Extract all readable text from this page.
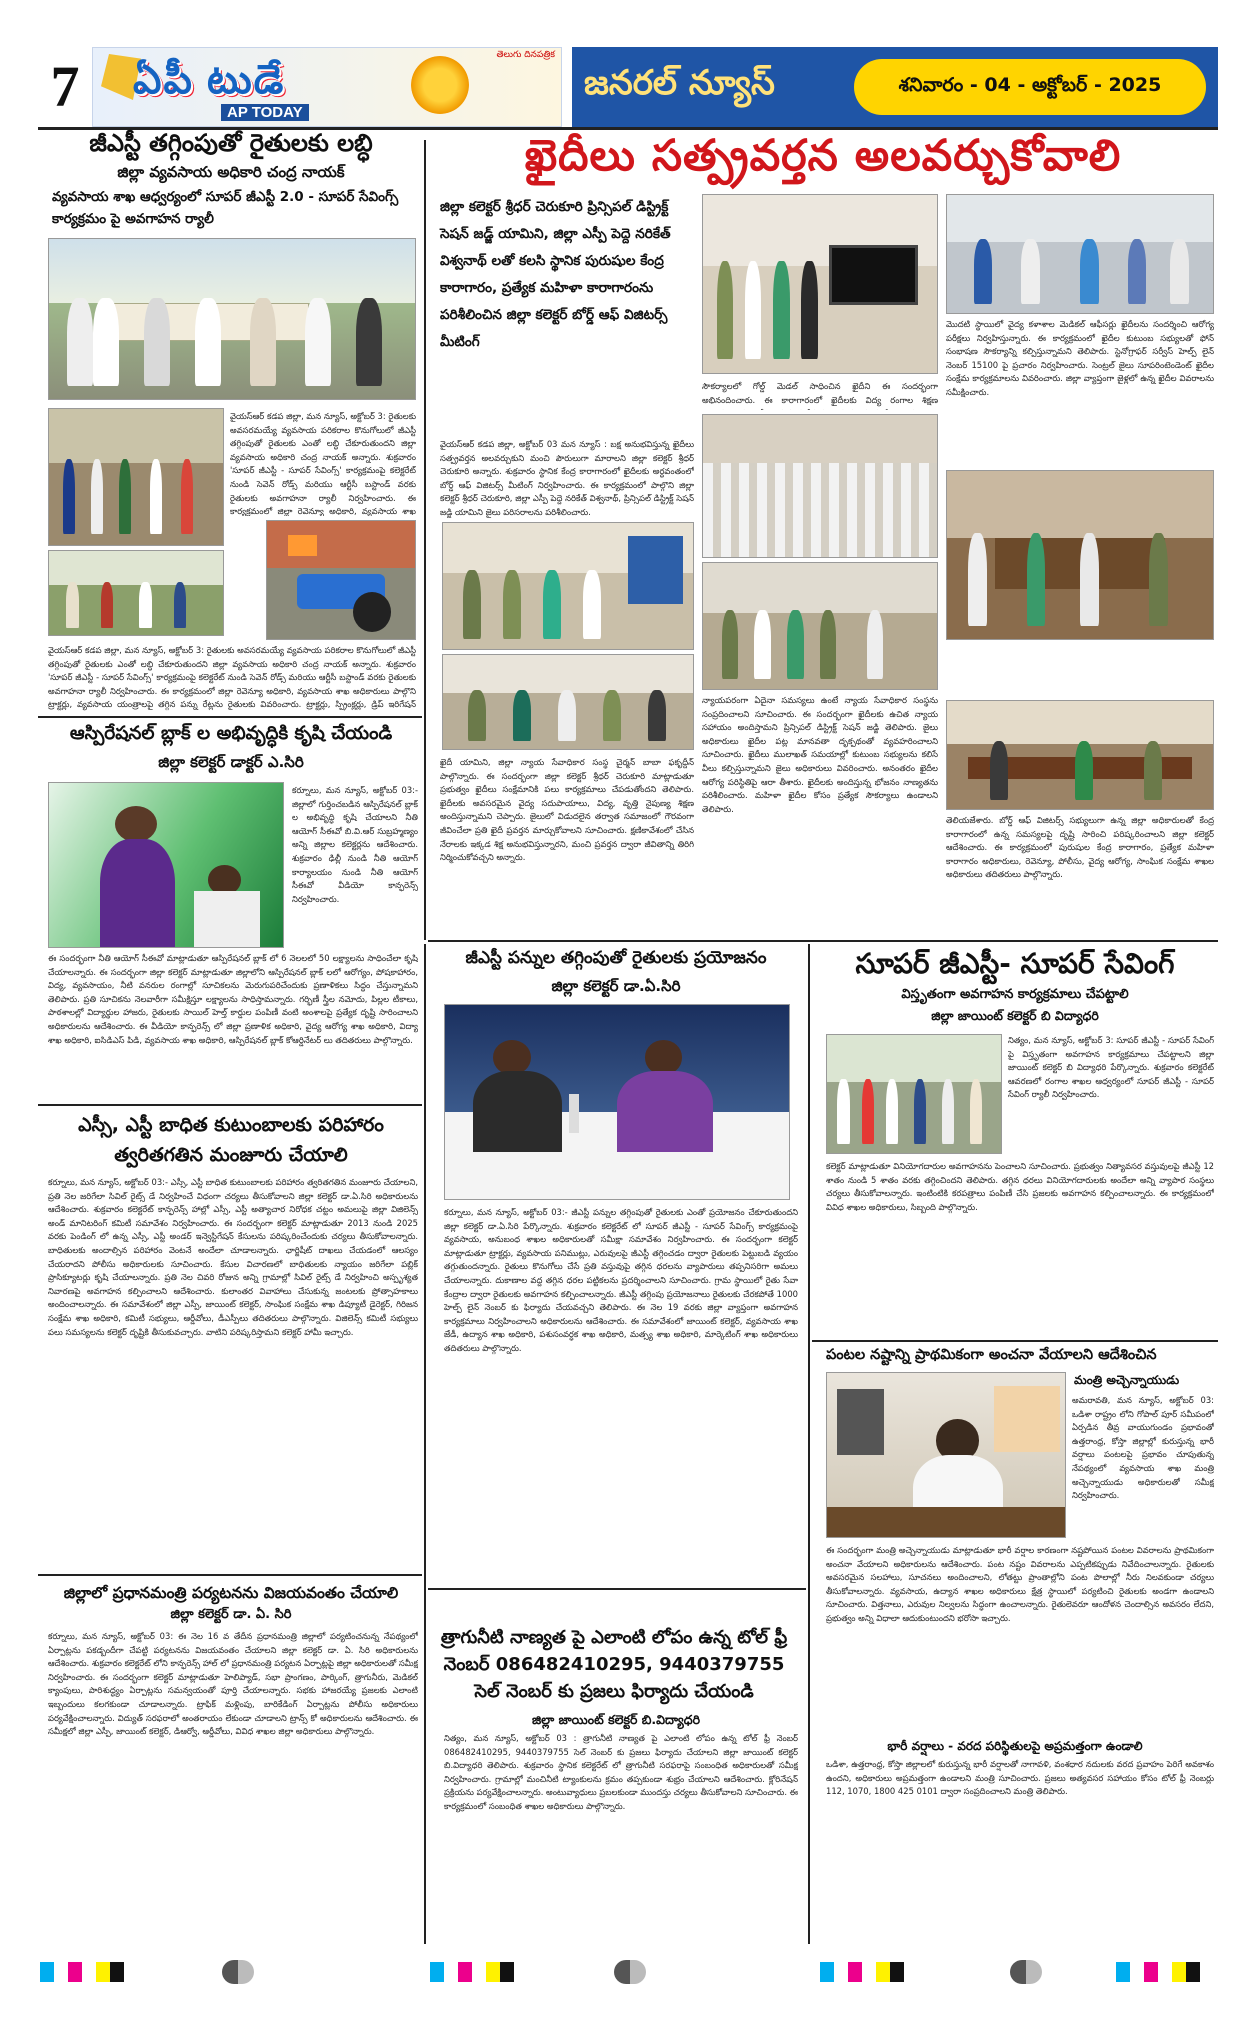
7	ఏపీ టుడే
AP TODAY
తెలుగు దినపత్రిక
జనరల్ న్యూస్	శనివారం - 04 - అక్టోబర్ - 2025
జీఎస్టీ తగ్గింపుతో రైతులకు లబ్ధి
జిల్లా వ్యవసాయ అధికారి చంద్ర నాయక్
వ్యవసాయ శాఖ ఆధ్వర్యంలో సూపర్ జీఎస్టీ 2.0 - సూపర్ సేవింగ్స్ కార్యక్రమం పై అవగాహన ర్యాలీ
వైయస్ఆర్ కడప జిల్లా, మన న్యూస్, అక్టోబర్ 3: రైతులకు అవసరమయ్యే వ్యవసాయ పరికరాల కొనుగోలులో జీఎస్టీ తగ్గింపుతో రైతులకు ఎంతో లబ్ధి చేకూరుతుందని జిల్లా వ్యవసాయ అధికారి చంద్ర నాయక్ అన్నారు. శుక్రవారం 'సూపర్ జీఎస్టీ - సూపర్ సేవింగ్స్' కార్యక్రమంపై కలెక్టరేట్ నుండి సెవెన్ రోడ్స్ మరియు ఆర్టీసీ బస్టాండ్ వరకు రైతులకు అవగాహనా ర్యాలీ నిర్వహించారు. ఈ కార్యక్రమంలో జిల్లా రెవెన్యూ అధికారి, వ్యవసాయ శాఖ
వైయస్ఆర్ కడప జిల్లా, మన న్యూస్, అక్టోబర్ 3: రైతులకు అవసరమయ్యే వ్యవసాయ పరికరాల కొనుగోలులో జీఎస్టీ తగ్గింపుతో రైతులకు ఎంతో లబ్ధి చేకూరుతుందని జిల్లా వ్యవసాయ అధికారి చంద్ర నాయక్ అన్నారు. శుక్రవారం 'సూపర్ జీఎస్టీ - సూపర్ సేవింగ్స్' కార్యక్రమంపై కలెక్టరేట్ నుండి సెవెన్ రోడ్స్ మరియు ఆర్టీసీ బస్టాండ్ వరకు రైతులకు అవగాహనా ర్యాలీ నిర్వహించారు. ఈ కార్యక్రమంలో జిల్లా రెవెన్యూ అధికారి, వ్యవసాయ శాఖ అధికారులు పాల్గొని ట్రాక్టర్లు, వ్యవసాయ యంత్రాలపై తగ్గిన పన్ను రేట్లను రైతులకు వివరించారు. ట్రాక్టర్లు, స్ప్రింక్లర్లు, డ్రిప్ ఇరిగేషన్
ఆస్పిరేషనల్ బ్లాక్ ల అభివృద్ధికి కృషి చేయండి
జిల్లా కలెక్టర్ డాక్టర్ ఎ.సిరి
కర్నూలు, మన న్యూస్, అక్టోబర్ 03:-జిల్లాలో గుర్తించబడిన ఆస్పిరేషనల్ బ్లాక్ ల అభివృద్ధి కృషి చేయాలని నీతి ఆయోగ్ సీఈవో బి.వి.ఆర్ సుబ్రహ్మణ్యం అన్ని జిల్లాల కలెక్టర్లను ఆదేశించారు. శుక్రవారం ఢిల్లీ నుండి నీతి ఆయోగ్ కార్యాలయం నుండి నీతి ఆయోగ్ సీఈవో వీడియో కాన్ఫరెన్స్ నిర్వహించారు.
ఈ సందర్భంగా నీతి ఆయోగ్ సీఈవో మాట్లాడుతూ ఆస్పిరేషనల్ బ్లాక్ లో 6 నెలలలో 50 లక్ష్యాలను సాధించేలా కృషి చేయాలన్నారు. ఈ సందర్భంగా జిల్లా కలెక్టర్ మాట్లాడుతూ జిల్లాలోని ఆస్పిరేషనల్ బ్లాక్ లలో ఆరోగ్యం, పోషకాహారం, విద్య, వ్యవసాయం, నీటి వనరుల రంగాల్లో సూచికలను మెరుగుపరిచేందుకు ప్రణాళికలు సిద్ధం చేస్తున్నామని తెలిపారు. ప్రతి సూచికను నెలవారీగా సమీక్షిస్తూ లక్ష్యాలను సాధిస్తామన్నారు. గర్భిణీ స్త్రీల నమోదు, పిల్లల టీకాలు, పాఠశాలల్లో విద్యార్థుల హాజరు, రైతులకు సాయిల్ హెల్త్ కార్డుల పంపిణీ వంటి అంశాలపై ప్రత్యేక దృష్టి సారించాలని అధికారులను ఆదేశించారు. ఈ వీడియో కాన్ఫరెన్స్ లో జిల్లా ప్రణాళిక అధికారి, వైద్య ఆరోగ్య శాఖ అధికారి, విద్యా శాఖ అధికారి, ఐసిడిఎస్ పిడి, వ్యవసాయ శాఖ అధికారి, ఆస్పిరేషనల్ బ్లాక్ కోఆర్డినేటర్ లు తదితరులు పాల్గొన్నారు.
ఎస్సీ, ఎస్టీ బాధిత కుటుంబాలకు పరిహారం త్వరితగతిన మంజూరు చేయాలి
కర్నూలు, మన న్యూస్, అక్టోబర్ 03:- ఎస్సీ, ఎస్టీ బాధిత కుటుంబాలకు పరిహారం త్వరితగతిన మంజూరు చేయాలని, ప్రతి నెల జరిగేలా సివిల్ రైట్స్ డే నిర్వహించే విధంగా చర్యలు తీసుకోవాలని జిల్లా కలెక్టర్ డా.ఏ.సిరి అధికారులను ఆదేశించారు. శుక్రవారం కలెక్టరేట్ కాన్ఫరెన్స్ హాల్లో ఎస్సీ, ఎస్టీ అత్యాచార నిరోధక చట్టం అమలుపై జిల్లా విజిలెన్స్ అండ్ మానిటరింగ్ కమిటీ సమావేశం నిర్వహించారు. ఈ సందర్భంగా కలెక్టర్ మాట్లాడుతూ 2013 నుండి 2025 వరకు పెండింగ్ లో ఉన్న ఎస్సీ, ఎస్టీ అండర్ ఇన్వెస్టిగేషన్ కేసులను పరిష్కరించేందుకు చర్యలు తీసుకోవాలన్నారు. బాధితులకు అందాల్సిన పరిహారం వెంటనే అందేలా చూడాలన్నారు. ఛార్జిషీట్ దాఖలు చేయడంలో ఆలస్యం చేయరాదని పోలీసు అధికారులకు సూచించారు. కేసుల విచారణలో బాధితులకు న్యాయం జరిగేలా పబ్లిక్ ప్రాసిక్యూటర్లు కృషి చేయాలన్నారు. ప్రతి నెల చివరి రోజున అన్ని గ్రామాల్లో సివిల్ రైట్స్ డే నిర్వహించి అస్పృశ్యత నివారణపై అవగాహన కల్పించాలని ఆదేశించారు. కులాంతర వివాహాలు చేసుకున్న జంటలకు ప్రోత్సాహకాలు అందించాలన్నారు. ఈ సమావేశంలో జిల్లా ఎస్పీ, జాయింట్ కలెక్టర్, సాంఘిక సంక్షేమ శాఖ డిప్యూటీ డైరెక్టర్, గిరిజన సంక్షేమ శాఖ అధికారి, కమిటీ సభ్యులు, ఆర్డీవోలు, డీఎస్పీలు తదితరులు పాల్గొన్నారు. విజిలెన్స్ కమిటీ సభ్యులు పలు సమస్యలను కలెక్టర్ దృష్టికి తీసుకువచ్చారు. వాటిని పరిష్కరిస్తామని కలెక్టర్ హామీ ఇచ్చారు.
జిల్లాలో ప్రధానమంత్రి పర్యటనను విజయవంతం చేయాలి
జిల్లా కలెక్టర్ డా. ఏ. సిరి
కర్నూలు, మన న్యూస్, అక్టోబర్ 03: ఈ నెల 16 వ తేదీన ప్రధానమంత్రి జిల్లాలో పర్యటించనున్న నేపథ్యంలో ఏర్పాట్లను పకడ్బందీగా చేపట్టి పర్యటనను విజయవంతం చేయాలని జిల్లా కలెక్టర్ డా. ఏ. సిరి అధికారులను ఆదేశించారు. శుక్రవారం కలెక్టరేట్ లోని కాన్ఫరెన్స్ హాల్ లో ప్రధానమంత్రి పర్యటన ఏర్పాట్లపై జిల్లా అధికారులతో సమీక్ష నిర్వహించారు. ఈ సందర్భంగా కలెక్టర్ మాట్లాడుతూ హెలిప్యాడ్, సభా ప్రాంగణం, పార్కింగ్, త్రాగునీరు, మెడికల్ క్యాంపులు, పారిశుద్ధ్యం ఏర్పాట్లను సమన్వయంతో పూర్తి చేయాలన్నారు. సభకు హాజరయ్యే ప్రజలకు ఎలాంటి ఇబ్బందులు కలగకుండా చూడాలన్నారు. ట్రాఫిక్ మళ్లింపు, బారికేడింగ్ ఏర్పాట్లను పోలీసు అధికారులు పర్యవేక్షించాలన్నారు. విద్యుత్ సరఫరాలో అంతరాయం లేకుండా చూడాలని ట్రాన్స్ కో అధికారులను ఆదేశించారు. ఈ సమీక్షలో జిల్లా ఎస్పీ, జాయింట్ కలెక్టర్, డిఆర్వో, ఆర్డీవోలు, వివిధ శాఖల జిల్లా అధికారులు పాల్గొన్నారు.
ఖైదీలు సత్ప్రవర్తన అలవర్చుకోవాలి
జిల్లా కలెక్టర్ శ్రీధర్ చెరుకూరి ప్రిన్సిపల్ డిస్ట్రిక్ట్ సెషన్ జడ్జ్ యామిని, జిల్లా ఎస్పీ పెద్దె నరికేత్ విశ్వనాథ్ లతో కలసి స్థానిక పురుషుల కేంద్ర కారాగారం, ప్రత్యేక మహిళా కారాగారంను పరిశీలించిన జిల్లా కలెక్టర్ బోర్డ్ ఆఫ్ విజిటర్స్ మీటింగ్
వైయస్ఆర్ కడప జిల్లా, అక్టోబర్ 03 మన న్యూస్ : బక్ష అనుభవిస్తున్న ఖైదీలు సత్ప్రవర్తన అలవర్చుకుని మంచి పౌరులుగా మారాలని జిల్లా కలెక్టర్ శ్రీధర్ చెరుకూరి అన్నారు. శుక్రవారం స్థానిక కేంద్ర కారాగారంలో ఖైదీలకు అర్ధవంతంలో బోర్డ్ ఆఫ్ విజిటర్స్ మీటింగ్ నిర్వహించారు. ఈ కార్యక్రమంలో పాల్గొని జిల్లా కలెక్టర్ శ్రీధర్ చెరుకూరి, జిల్లా ఎస్పీ పెద్దె నరికేత్ విశ్వనాథ్, ప్రిన్సిపల్ డిస్ట్రిక్ట్ సెషన్ జడ్జి యామిని జైలు పరిసరాలను పరిశీలించారు.
ఖైదీ యామిని, జిల్లా న్యాయ సేవాధికార సంస్థ చైర్మన్ బాబా ఫకృద్దీన్ పాల్గొన్నారు. ఈ సందర్భంగా జిల్లా కలెక్టర్ శ్రీధర్ చెరుకూరి మాట్లాడుతూ ప్రభుత్వం ఖైదీలు సంక్షేమానికి పలు కార్యక్రమాలు చేపడుతోందని తెలిపారు. ఖైదీలకు అవసరమైన వైద్య సదుపాయాలు, విద్య, వృత్తి నైపుణ్య శిక్షణ అందిస్తున్నామని చెప్పారు. జైలులో విడుదలైన తర్వాత సమాజంలో గౌరవంగా జీవించేలా ప్రతి ఖైదీ ప్రవర్తన మార్చుకోవాలని సూచించారు. క్షణికావేశంలో చేసిన నేరాలకు ఇక్కడ శిక్ష అనుభవిస్తున్నారని, మంచి ప్రవర్తన ద్వారా జీవితాన్ని తిరిగి నిర్మించుకోవచ్చని అన్నారు.
సౌకర్యాలలో గోల్డ్ మెడల్ సాధించిన ఖైదీని ఈ సందర్భంగా అభినందించారు. ఈ కారాగారంలో ఖైదీలకు విద్య రంగాల శిక్షణ
న్యాయపరంగా ఏదైనా సమస్యలు ఉంటే న్యాయ సేవాధికార సంస్థను సంప్రదించాలని సూచించారు. ఈ సందర్భంగా ఖైదీలకు ఉచిత న్యాయ సహాయం అందిస్తామని ప్రిన్సిపల్ డిస్ట్రిక్ట్ సెషన్ జడ్జి తెలిపారు. జైలు అధికారులు ఖైదీల పట్ల మానవతా దృక్పథంతో వ్యవహరించాలని సూచించారు. ఖైదీలు ములాఖత్ సమయాల్లో కుటుంబ సభ్యులను కలిసే వీలు కల్పిస్తున్నామని జైలు అధికారులు వివరించారు. అనంతరం ఖైదీల ఆరోగ్య పరిస్థితిపై ఆరా తీశారు. ఖైదీలకు అందిస్తున్న భోజనం నాణ్యతను పరిశీలించారు. మహిళా ఖైదీల కోసం ప్రత్యేక సౌకర్యాలు ఉండాలని తెలిపారు.
మొదటి స్థాయిలో వైద్య కళాశాల మెడికల్ ఆఫీసర్లు ఖైదీలను సందర్శించి ఆరోగ్య పరీక్షలు నిర్వహిస్తున్నారు. ఈ కార్యక్రమంలో ఖైదీల కుటుంబ సభ్యులతో ఫోన్ సంభాషణ సౌకర్యాన్ని కల్పిస్తున్నామని తెలిపారు. స్టెనోగ్రాఫర్ సర్వీస్ హెల్ప్ లైన్ నెంబర్ 15100 పై ప్రచారం నిర్వహించారు. సెంట్రల్ జైలు సూపరింటెండెంట్ ఖైదీల సంక్షేమ కార్యక్రమాలను వివరించారు. జిల్లా వ్యాప్తంగా జైళ్లలో ఉన్న ఖైదీల వివరాలను సమీక్షించారు.
తెలియజేశారు. బోర్డ్ ఆఫ్ విజిటర్స్ సభ్యులుగా ఉన్న జిల్లా అధికారులతో కేంద్ర కారాగారంలో ఉన్న సమస్యలపై దృష్టి సారించి పరిష్కరించాలని జిల్లా కలెక్టర్ ఆదేశించారు. ఈ కార్యక్రమంలో పురుషుల కేంద్ర కారాగారం, ప్రత్యేక మహిళా కారాగారం అధికారులు, రెవెన్యూ, పోలీసు, వైద్య ఆరోగ్య, సాంఘిక సంక్షేమ శాఖల అధికారులు తదితరులు పాల్గొన్నారు.
జీఎస్టీ పన్నుల తగ్గింపుతో రైతులకు ప్రయోజనం
జిల్లా కలెక్టర్ డా.ఏ.సిరి
కర్నూలు, మన న్యూస్, అక్టోబర్ 03:- జీఎస్టీ పన్నుల తగ్గింపుతో రైతులకు ఎంతో ప్రయోజనం చేకూరుతుందని జిల్లా కలెక్టర్ డా.ఏ.సిరి పేర్కొన్నారు. శుక్రవారం కలెక్టరేట్ లో సూపర్ జీఎస్టీ - సూపర్ సేవింగ్స్ కార్యక్రమంపై వ్యవసాయ, అనుబంధ శాఖల అధికారులతో సమీక్షా సమావేశం నిర్వహించారు. ఈ సందర్భంగా కలెక్టర్ మాట్లాడుతూ ట్రాక్టర్లు, వ్యవసాయ పనిముట్లు, ఎరువులపై జీఎస్టీ తగ్గించడం ద్వారా రైతులకు పెట్టుబడి వ్యయం తగ్గుతుందన్నారు. రైతులు కొనుగోలు చేసే ప్రతి వస్తువుపై తగ్గిన ధరలను వ్యాపారులు తప్పనిసరిగా అమలు చేయాలన్నారు. దుకాణాల వద్ద తగ్గిన ధరల పట్టికలను ప్రదర్శించాలని సూచించారు. గ్రామ స్థాయిలో రైతు సేవా కేంద్రాల ద్వారా రైతులకు అవగాహన కల్పించాలన్నారు. జీఎస్టీ తగ్గింపు ప్రయోజనాలు రైతులకు చేరకపోతే 1000 హెల్ప్ లైన్ నెంబర్ కు ఫిర్యాదు చేయవచ్చని తెలిపారు. ఈ నెల 19 వరకు జిల్లా వ్యాప్తంగా అవగాహన కార్యక్రమాలు నిర్వహించాలని అధికారులను ఆదేశించారు. ఈ సమావేశంలో జాయింట్ కలెక్టర్, వ్యవసాయ శాఖ జేడీ, ఉద్యాన శాఖ అధికారి, పశుసంవర్ధక శాఖ అధికారి, మత్స్య శాఖ అధికారి, మార్కెటింగ్ శాఖ అధికారులు తదితరులు పాల్గొన్నారు.
త్రాగునీటి నాణ్యత పై ఎలాంటి లోపం ఉన్న టోల్ ఫ్రీ నెంబర్ 086482410295, 9440379755 సెల్ నెంబర్ కు ప్రజలు ఫిర్యాదు చేయండి
జిల్లా జాయింట్ కలెక్టర్ బి.విద్యాధరి
నిత్యం, మన న్యూస్, అక్టోబర్ 03 : త్రాగునీటి నాణ్యత పై ఎలాంటి లోపం ఉన్న టోల్ ఫ్రీ నెంబర్ 086482410295, 9440379755 సెల్ నెంబర్ కు ప్రజలు ఫిర్యాదు చేయాలని జిల్లా జాయింట్ కలెక్టర్ బి.విద్యాధరి తెలిపారు. శుక్రవారం స్థానిక కలెక్టరేట్ లో త్రాగునీటి సరఫరాపై సంబంధిత అధికారులతో సమీక్ష నిర్వహించారు. గ్రామాల్లో మంచినీటి ట్యాంకులను క్రమం తప్పకుండా శుభ్రం చేయాలని ఆదేశించారు. క్లోరినేషన్ ప్రక్రియను పర్యవేక్షించాలన్నారు. అంటువ్యాధులు ప్రబలకుండా ముందస్తు చర్యలు తీసుకోవాలని సూచించారు. ఈ కార్యక్రమంలో సంబంధిత శాఖల అధికారులు పాల్గొన్నారు.
సూపర్ జీఎస్టీ- సూపర్ సేవింగ్
విస్తృతంగా అవగాహన కార్యక్రమాలు చేపట్టాలి
జిల్లా జాయింట్ కలెక్టర్ బి విద్యాధరి
నిత్యం, మన న్యూస్, అక్టోబర్ 3: సూపర్ జీఎస్టీ - సూపర్ సేవింగ్ పై విస్తృతంగా అవగాహన కార్యక్రమాలు చేపట్టాలని జిల్లా జాయింట్ కలెక్టర్ బి విద్యాధరి పేర్కొన్నారు. శుక్రవారం కలెక్టరేట్ ఆవరణలో రంగాల శాఖల ఆధ్వర్యంలో సూపర్ జీఎస్టీ - సూపర్ సేవింగ్ ర్యాలీ నిర్వహించారు.
కలెక్టర్ మాట్లాడుతూ వినియోగదారుల అవగాహనను పెంచాలని సూచించారు. ప్రభుత్వం నిత్యావసర వస్తువులపై జీఎస్టీ 12 శాతం నుండి 5 శాతం వరకు తగ్గించిందని తెలిపారు. తగ్గిన ధరలు వినియోగదారులకు అందేలా అన్ని వ్యాపార సంస్థలు చర్యలు తీసుకోవాలన్నారు. ఇంటింటికి కరపత్రాలు పంపిణీ చేసి ప్రజలకు అవగాహన కల్పించాలన్నారు. ఈ కార్యక్రమంలో వివిధ శాఖల అధికారులు, సిబ్బంది పాల్గొన్నారు.
పంటల నష్టాన్ని ప్రాథమికంగా అంచనా వేయాలని ఆదేశించిన
మంత్రి అచ్చెన్నాయుడు
అమరావతి, మన న్యూస్, అక్టోబర్ 03: ఒడిశా రాష్ట్రం లోని గోపాల్ పూర్ సమీపంలో ఏర్పడిన తీవ్ర వాయుగుండం ప్రభావంతో ఉత్తరాంధ్ర, కోస్తా జిల్లాల్లో కురుస్తున్న భారీ వర్షాలు పంటలపై ప్రభావం చూపుతున్న నేపథ్యంలో వ్యవసాయ శాఖ మంత్రి అచ్చెన్నాయుడు అధికారులతో సమీక్ష నిర్వహించారు.
ఈ సందర్భంగా మంత్రి అచ్చెన్నాయుడు మాట్లాడుతూ భారీ వర్షాల కారణంగా నష్టపోయిన పంటల వివరాలను ప్రాథమికంగా అంచనా వేయాలని అధికారులను ఆదేశించారు. పంట నష్టం వివరాలను ఎప్పటికప్పుడు నివేదించాలన్నారు. రైతులకు అవసరమైన సలహాలు, సూచనలు అందించాలని, లోతట్టు ప్రాంతాల్లోని పంట పొలాల్లో నీరు నిలవకుండా చర్యలు తీసుకోవాలన్నారు. వ్యవసాయ, ఉద్యాన శాఖల అధికారులు క్షేత్ర స్థాయిలో పర్యటించి రైతులకు అండగా ఉండాలని సూచించారు. విత్తనాలు, ఎరువుల నిల్వలను సిద్ధంగా ఉంచాలన్నారు. రైతులెవరూ ఆందోళన చెందాల్సిన అవసరం లేదని, ప్రభుత్వం అన్ని విధాలా ఆదుకుంటుందని భరోసా ఇచ్చారు.
భారీ వర్షాలు - వరద పరిస్థితులపై అప్రమత్తంగా ఉండాలి
ఒడిశా, ఉత్తరాంధ్ర, కోస్తా జిల్లాలలో కురుస్తున్న భారీ వర్షాలతో నాగావళి, వంశధార నదులకు వరద ప్రవాహం పెరిగే అవకాశం ఉందని, అధికారులు అప్రమత్తంగా ఉండాలని మంత్రి సూచించారు. ప్రజలు అత్యవసర సహాయం కోసం టోల్ ఫ్రీ నెంబర్లు 112, 1070, 1800 425 0101 ద్వారా సంప్రదించాలని మంత్రి తెలిపారు.
